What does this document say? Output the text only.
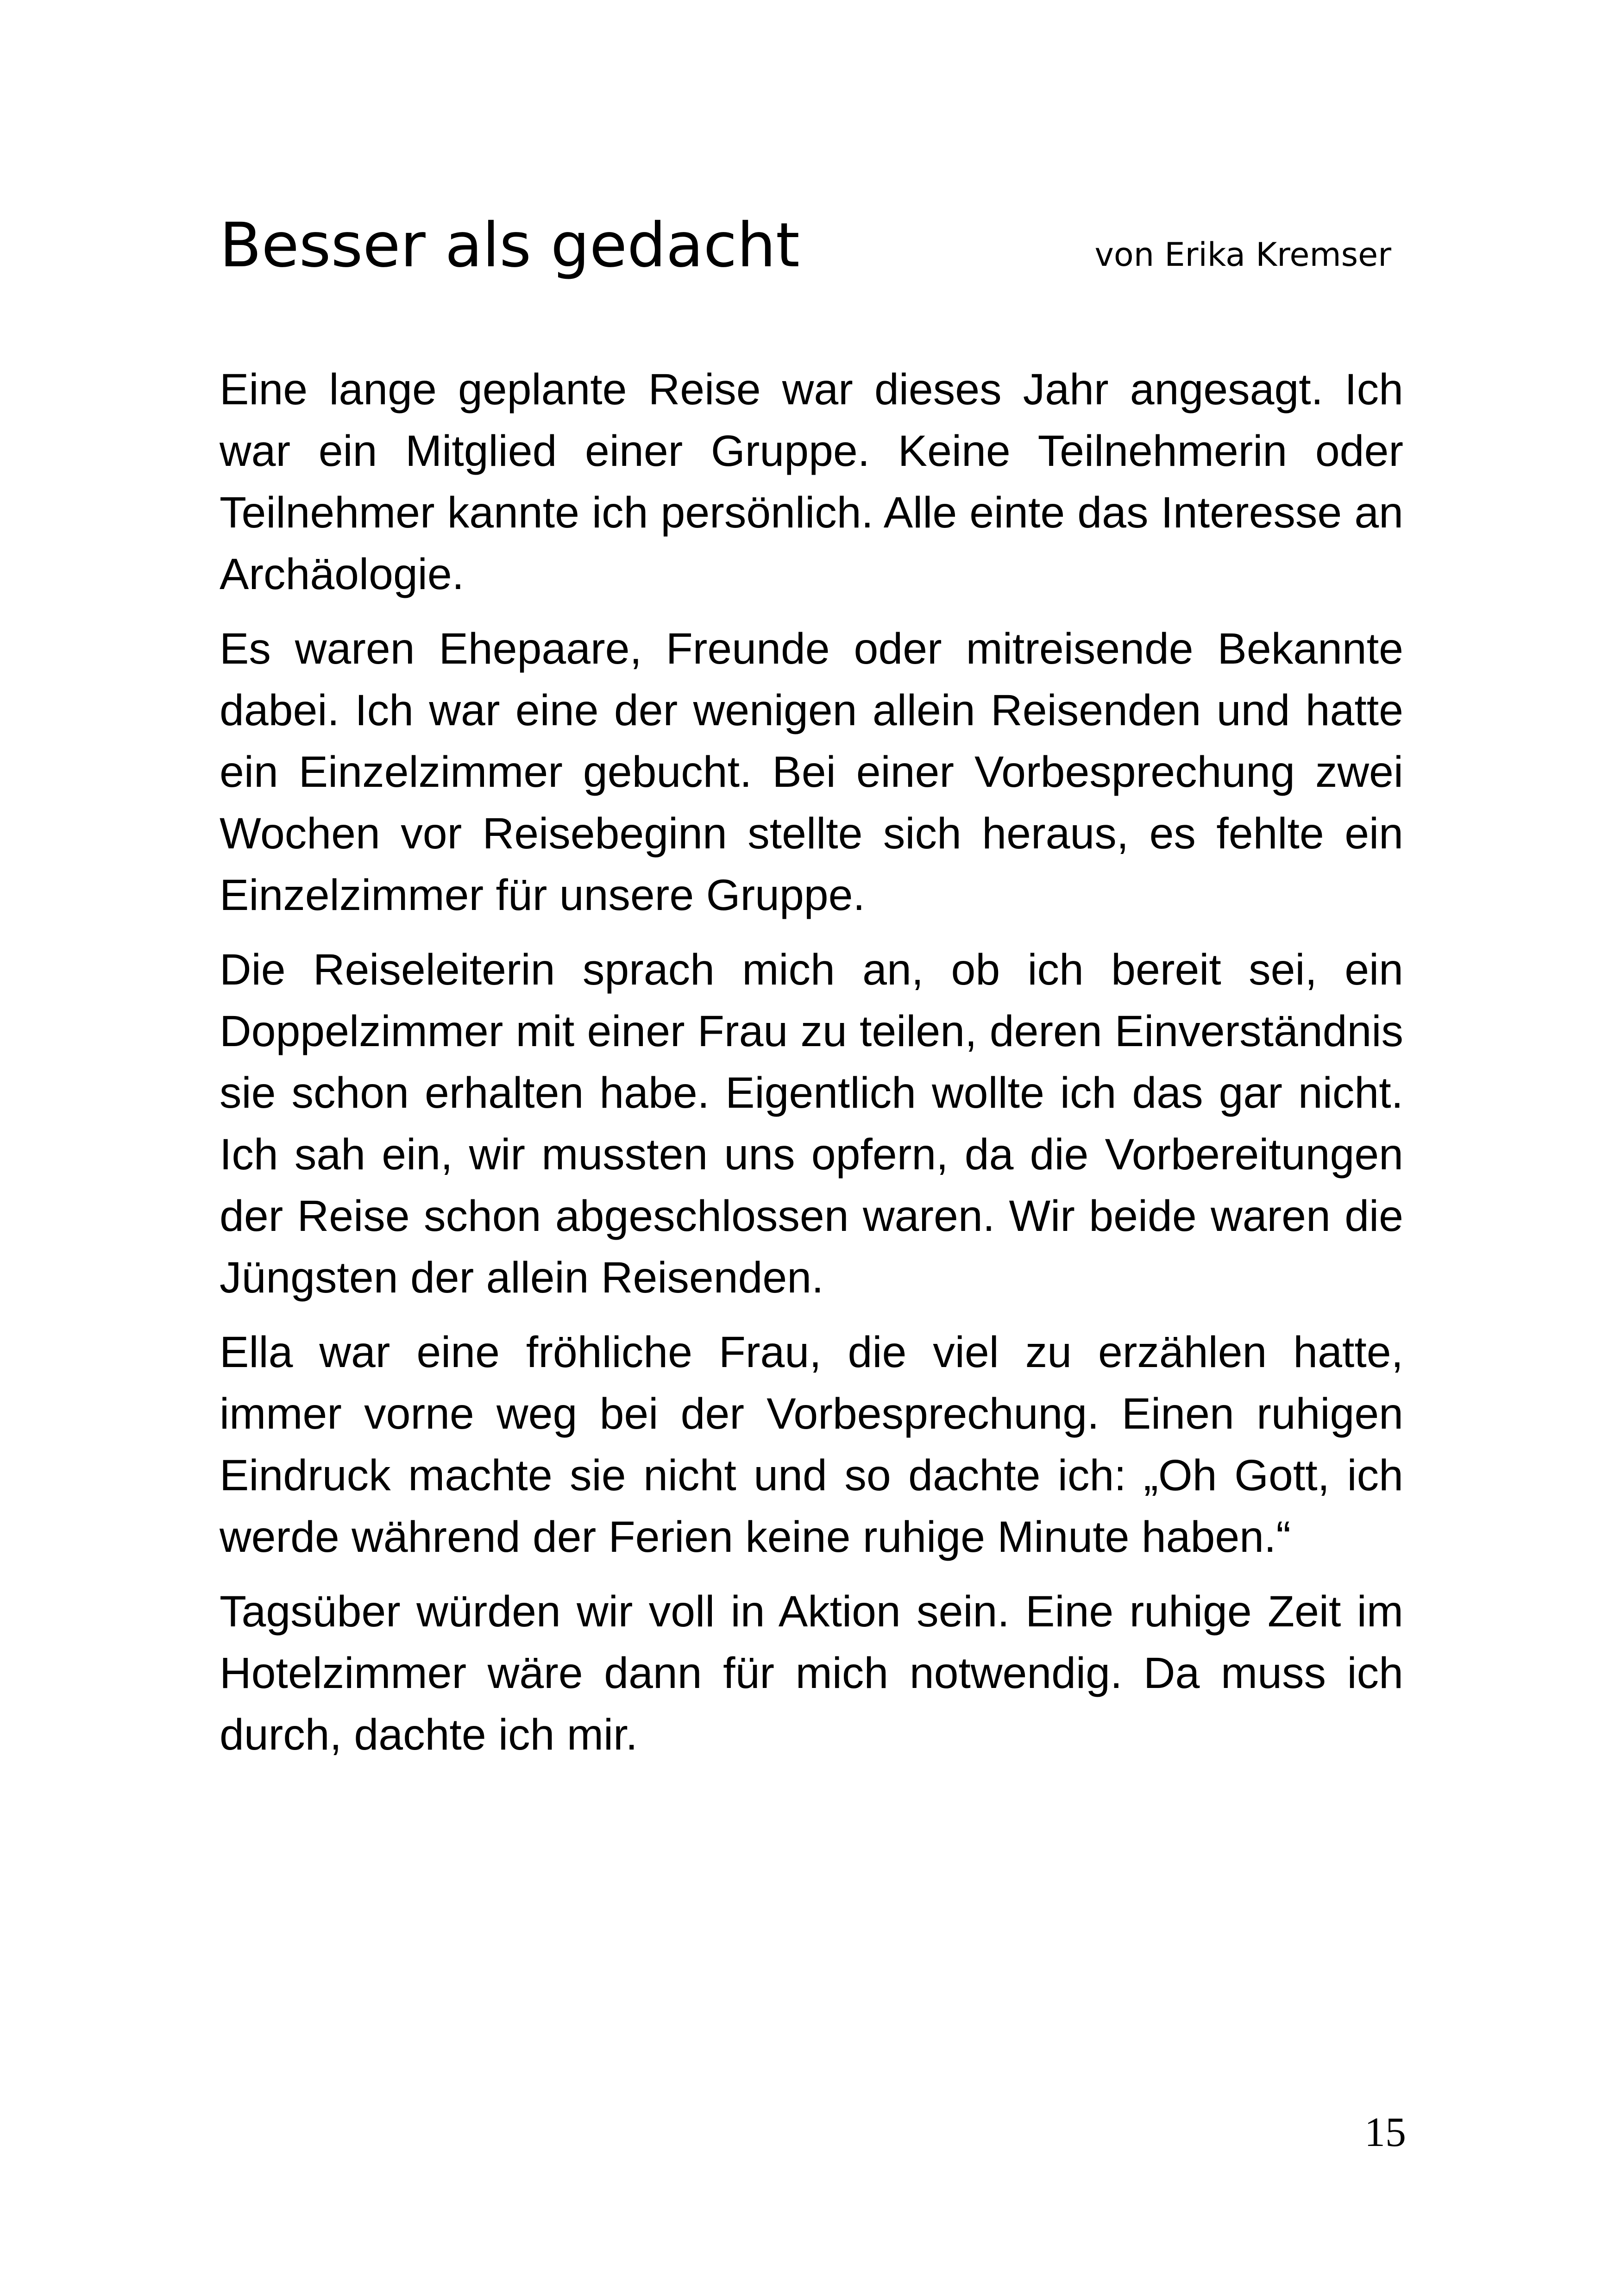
Besser als gedacht	von Erika Kremser

Eine lange geplante Reise war dieses Jahr angesagt. Ich war ein Mitglied einer Gruppe. Keine Teilnehmerin oder Teilnehmer kannte ich persönlich. Alle einte das Interesse an Archäologie.

Es waren Ehepaare, Freunde oder mitreisende Bekannte dabei. Ich war eine der wenigen allein Reisenden und hatte ein Einzelzimmer gebucht. Bei einer Vorbesprechung zwei Wochen vor Reisebeginn stellte sich heraus, es fehlte ein Einzelzimmer für unsere Gruppe.

Die Reiseleiterin sprach mich an, ob ich bereit sei, ein Doppelzimmer mit einer Frau zu teilen, deren Einverständnis sie schon erhalten habe. Eigentlich wollte ich das gar nicht. Ich sah ein, wir mussten uns opfern, da die Vorbereitungen der Reise schon abgeschlossen waren. Wir beide waren die Jüngsten der allein Reisenden.

Ella war eine fröhliche Frau, die viel zu erzählen hatte, immer vorne weg bei der Vorbesprechung. Einen ruhigen Eindruck machte sie nicht und so dachte ich: „Oh Gott, ich werde während der Ferien keine ruhige Minute haben.“

Tagsüber würden wir voll in Aktion sein. Eine ruhige Zeit im Hotelzimmer wäre dann für mich notwendig. Da muss ich durch, dachte ich mir.

15
